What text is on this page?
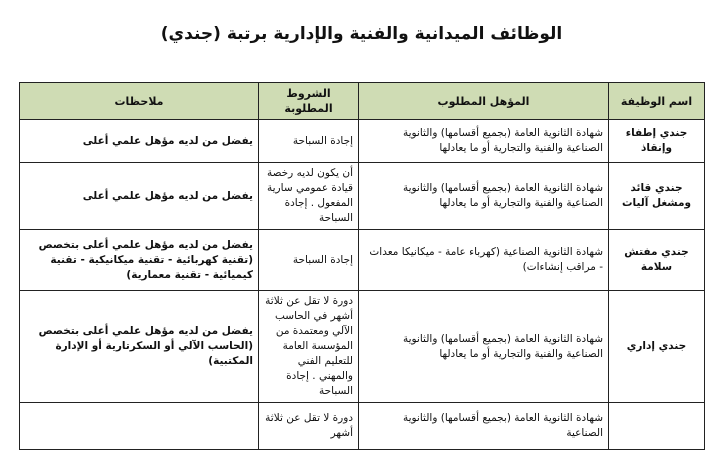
الوظائف الميدانية والفنية والإدارية برتبة (جندي)
اسم الوظيفة	المؤهل المطلوب	الشروط المطلوبة	ملاحظات
جندي إطفاء وإنقاذ	شهادة الثانوية العامة (بجميع أقسامها) والثانوية الصناعية والفنية والتجارية أو ما يعادلها	إجادة السباحة	يفضل من لديه مؤهل علمي أعلى
جندي قائد ومشغل آليات	شهادة الثانوية العامة (بجميع أقسامها) والثانوية الصناعية والفنية والتجارية أو ما يعادلها	أن يكون لديه رخصة قيادة عمومي سارية المفعول . إجادة السباحة	يفضل من لديه مؤهل علمي أعلى
جندي مفتش سلامة	شهادة الثانوية الصناعية (كهرباء عامة - ميكانيكا معدات - مراقب إنشاءات)	إجادة السباحة	يفضل من لديه مؤهل علمي أعلى بتخصص (تقنية كهربائية - تقنية ميكانيكية - تقنية كيميائية - تقنية معمارية)
جندي إداري	شهادة الثانوية العامة (بجميع أقسامها) والثانوية الصناعية والفنية والتجارية أو ما يعادلها	دورة لا تقل عن ثلاثة أشهر في الحاسب الآلي ومعتمدة من المؤسسة العامة للتعليم الفني والمهني . إجادة السباحة	يفضل من لديه مؤهل علمي أعلى بتخصص (الحاسب الآلي أو السكرتارية أو الإدارة المكتبية)
	شهادة الثانوية العامة (بجميع أقسامها) والثانوية الصناعية	دورة لا تقل عن ثلاثة أشهر	
